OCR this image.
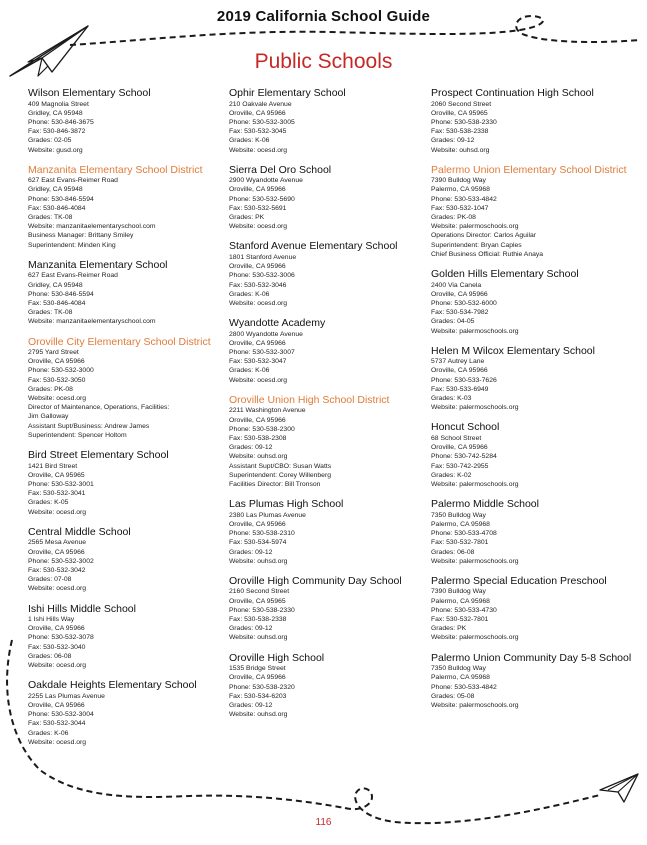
2019 California School Guide
Public Schools
Wilson Elementary School
409 Magnolia Street
Gridley, CA 95948
Phone: 530-846-3675
Fax: 530-846-3872
Grades: 02-05
Website: gusd.org
Manzanita Elementary School District
627 East Evans-Reimer Road
Gridley, CA 95948
Phone: 530-846-5594
Fax: 530-846-4084
Grades: TK-08
Website: manzanitaelementaryschool.com
Business Manager: Brittany Smiley
Superintendent: Minden King
Manzanita Elementary School
627 East Evans-Reimer Road
Gridley, CA 95948
Phone: 530-846-5594
Fax: 530-846-4084
Grades: TK-08
Website: manzanitaelementaryschool.com
Oroville City Elementary School District
2795 Yard Street
Oroville, CA 95966
Phone: 530-532-3000
Fax: 530-532-3050
Grades: PK-08
Website: ocesd.org
Director of Maintenance, Operations, Facilities:
Jim Galloway
Assistant Supt/Business: Andrew James
Superintendent: Spencer Holtom
Bird Street Elementary School
1421 Bird Street
Oroville, CA 95965
Phone: 530-532-3001
Fax: 530-532-3041
Grades: K-05
Website: ocesd.org
Central Middle School
2565 Mesa Avenue
Oroville, CA 95966
Phone: 530-532-3002
Fax: 530-532-3042
Grades: 07-08
Website: ocesd.org
Ishi Hills Middle School
1 Ishi Hills Way
Oroville, CA 95966
Phone: 530-532-3078
Fax: 530-532-3040
Grades: 06-08
Website: ocesd.org
Oakdale Heights Elementary School
2255 Las Plumas Avenue
Oroville, CA 95966
Phone: 530-532-3004
Fax: 530-532-3044
Grades: K-06
Website: ocesd.org
Ophir Elementary School
210 Oakvale Avenue
Oroville, CA 95966
Phone: 530-532-3005
Fax: 530-532-3045
Grades: K-06
Website: ocesd.org
Sierra Del Oro School
2900 Wyandotte Avenue
Oroville, CA 95966
Phone: 530-532-5690
Fax: 530-532-5691
Grades: PK
Website: ocesd.org
Stanford Avenue Elementary School
1801 Stanford Avenue
Oroville, CA 95966
Phone: 530-532-3006
Fax: 530-532-3046
Grades: K-06
Website: ocesd.org
Wyandotte Academy
2800 Wyandotte Avenue
Oroville, CA 95966
Phone: 530-532-3007
Fax: 530-532-3047
Grades: K-06
Website: ocesd.org
Oroville Union High School District
2211 Washington Avenue
Oroville, CA 95966
Phone: 530-538-2300
Fax: 530-538-2308
Grades: 09-12
Website: ouhsd.org
Assistant Supt/CBO: Susan Watts
Superintendent: Corey Willenberg
Facilities Director: Bill Tronson
Las Plumas High School
2380 Las Plumas Avenue
Oroville, CA 95966
Phone: 530-538-2310
Fax: 530-534-5974
Grades: 09-12
Website: ouhsd.org
Oroville High Community Day School
2160 Second Street
Oroville, CA 95965
Phone: 530-538-2330
Fax: 530-538-2338
Grades: 09-12
Website: ouhsd.org
Oroville High School
1535 Bridge Street
Oroville, CA 95966
Phone: 530-538-2320
Fax: 530-534-6203
Grades: 09-12
Website: ouhsd.org
Prospect Continuation High School
2060 Second Street
Oroville, CA 95965
Phone: 530-538-2330
Fax: 530-538-2338
Grades: 09-12
Website: ouhsd.org
Palermo Union Elementary School District
7390 Bulldog Way
Palermo, CA 95968
Phone: 530-533-4842
Fax: 530-532-1047
Grades: PK-08
Website: palermoschools.org
Operations Director: Carlos Aguilar
Superintendent: Bryan Caples
Chief Business Official: Ruthie Anaya
Golden Hills Elementary School
2400 Via Canela
Oroville, CA 95966
Phone: 530-532-6000
Fax: 530-534-7982
Grades: 04-05
Website: palermoschools.org
Helen M Wilcox Elementary School
5737 Autrey Lane
Oroville, CA 95966
Phone: 530-533-7626
Fax: 530-533-6949
Grades: K-03
Website: palermoschools.org
Honcut School
68 School Street
Oroville, CA 95966
Phone: 530-742-5284
Fax: 530-742-2955
Grades: K-02
Website: palermoschools.org
Palermo Middle School
7350 Bulldog Way
Palermo, CA 95968
Phone: 530-533-4708
Fax: 530-532-7801
Grades: 06-08
Website: palermoschools.org
Palermo Special Education Preschool
7390 Bulldog Way
Palermo, CA 95968
Phone: 530-533-4730
Fax: 530-532-7801
Grades: PK
Website: palermoschools.org
Palermo Union Community Day 5-8 School
7350 Bulldog Way
Palermo, CA 95968
Phone: 530-533-4842
Grades: 05-08
Website: palermoschools.org
116
